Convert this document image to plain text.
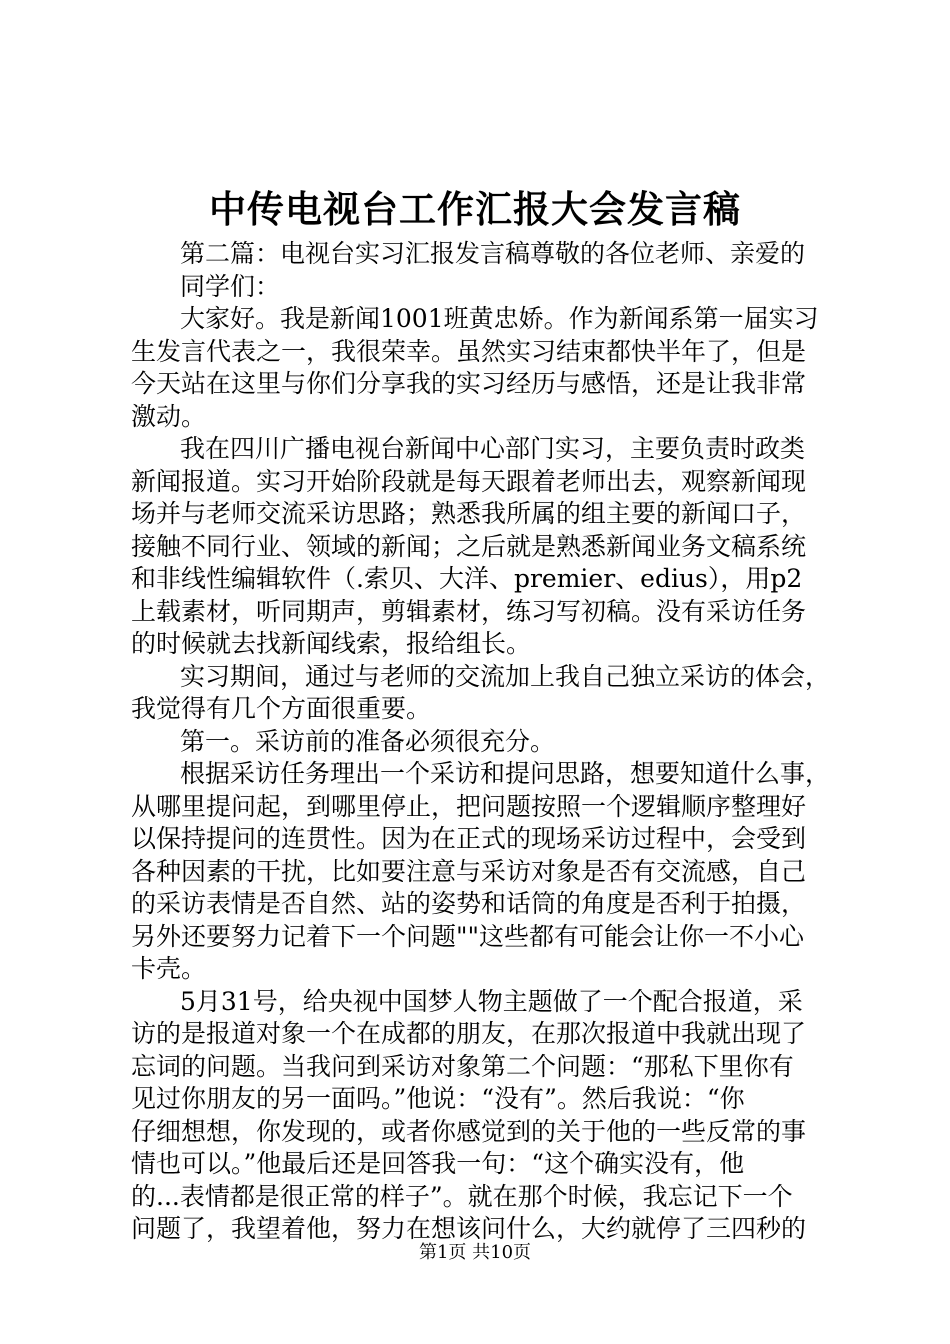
中传电视台工作汇报大会发言稿
第二篇：电视台实习汇报发言稿尊敬的各位老师、亲爱的
同学们：
大家好。我是新闻1001班黄忠娇。作为新闻系第一届实习
生发言代表之一，我很荣幸。虽然实习结束都快半年了，但是
今天站在这里与你们分享我的实习经历与感悟，还是让我非常
激动。
我在四川广播电视台新闻中心部门实习，主要负责时政类
新闻报道。实习开始阶段就是每天跟着老师出去，观察新闻现
场并与老师交流采访思路；熟悉我所属的组主要的新闻口子，
接触不同行业、领域的新闻；之后就是熟悉新闻业务文稿系统
和非线性编辑软件（.索贝、大洋、premier、edius），用p2
上载素材，听同期声，剪辑素材，练习写初稿。没有采访任务
的时候就去找新闻线索，报给组长。
实习期间，通过与老师的交流加上我自己独立采访的体会，
我觉得有几个方面很重要。
第一。采访前的准备必须很充分。
根据采访任务理出一个采访和提问思路，想要知道什么事，
从哪里提问起，到哪里停止，把问题按照一个逻辑顺序整理好
以保持提问的连贯性。因为在正式的现场采访过程中，会受到
各种因素的干扰，比如要注意与采访对象是否有交流感，自己
的采访表情是否自然、站的姿势和话筒的角度是否利于拍摄，
另外还要努力记着下一个问题""这些都有可能会让你一不小心
卡壳。
5月31号，给央视中国梦人物主题做了一个配合报道，采
访的是报道对象一个在成都的朋友，在那次报道中我就出现了
忘词的问题。当我问到采访对象第二个问题：“那私下里你有
见过你朋友的另一面吗。”他说：“没有”。然后我说：“你
仔细想想，你发现的，或者你感觉到的关于他的一些反常的事
情也可以。”他最后还是回答我一句：“这个确实没有，他
的...表情都是很正常的样子”。就在那个时候，我忘记下一个
问题了，我望着他，努力在想该问什么，大约就停了三四秒的
第1页 共10页
